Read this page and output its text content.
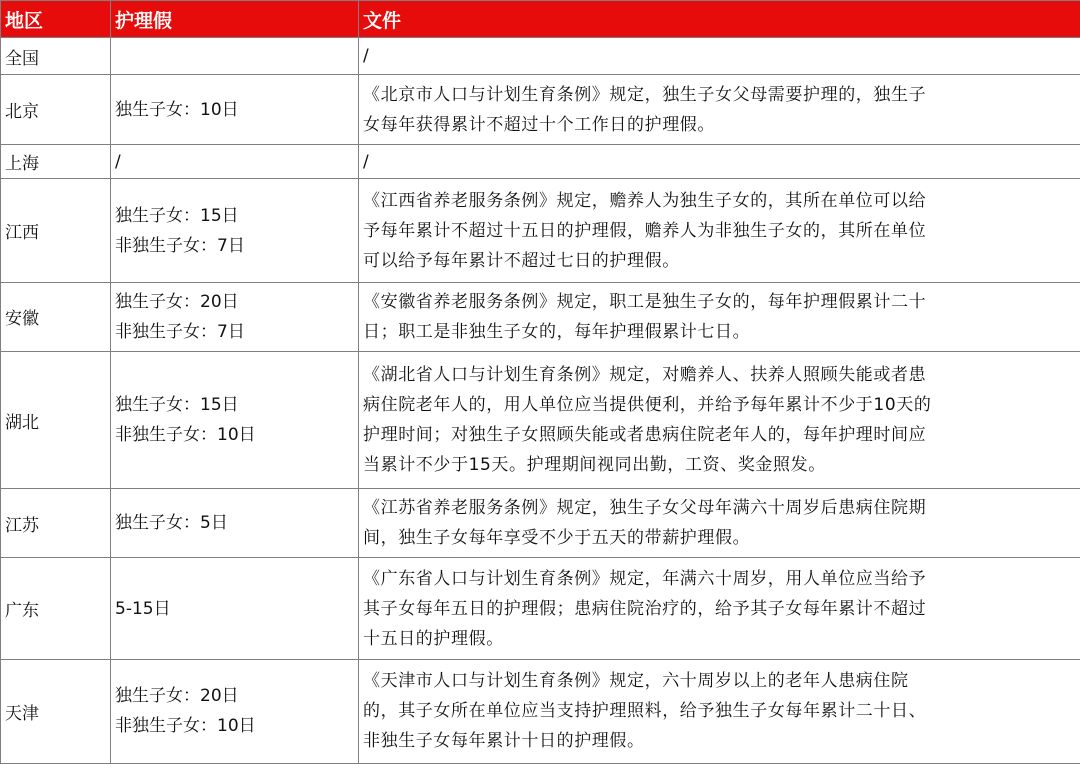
地区	护理假	文件
全国		/

北京	独生子女：10日	《北京市人口与计划生育条例》规定，独生子女父母需要护理的，独生子
女每年获得累计不超过十个工作日的护理假。

上海	/	/

江西	独生子女：15日
非独生子女：7日	《江西省养老服务条例》规定，赡养人为独生子女的，其所在单位可以给
予每年累计不超过十五日的护理假，赡养人为非独生子女的，其所在单位
可以给予每年累计不超过七日的护理假。

安徽	独生子女：20日
非独生子女：7日	《安徽省养老服务条例》规定，职工是独生子女的，每年护理假累计二十
日；职工是非独生子女的，每年护理假累计七日。

湖北	独生子女：15日
非独生子女：10日	《湖北省人口与计划生育条例》规定，对赡养人、扶养人照顾失能或者患
病住院老年人的，用人单位应当提供便利，并给予每年累计不少于10天的
护理时间；对独生子女照顾失能或者患病住院老年人的，每年护理时间应
当累计不少于15天。护理期间视同出勤，工资、奖金照发。

江苏	独生子女：5日	《江苏省养老服务条例》规定，独生子女父母年满六十周岁后患病住院期
间，独生子女每年享受不少于五天的带薪护理假。

广东	5-15日	《广东省人口与计划生育条例》规定，年满六十周岁，用人单位应当给予
其子女每年五日的护理假；患病住院治疗的，给予其子女每年累计不超过
十五日的护理假。

天津	独生子女：20日
非独生子女：10日	《天津市人口与计划生育条例》规定，六十周岁以上的老年人患病住院
的，其子女所在单位应当支持护理照料，给予独生子女每年累计二十日、
非独生子女每年累计十日的护理假。
